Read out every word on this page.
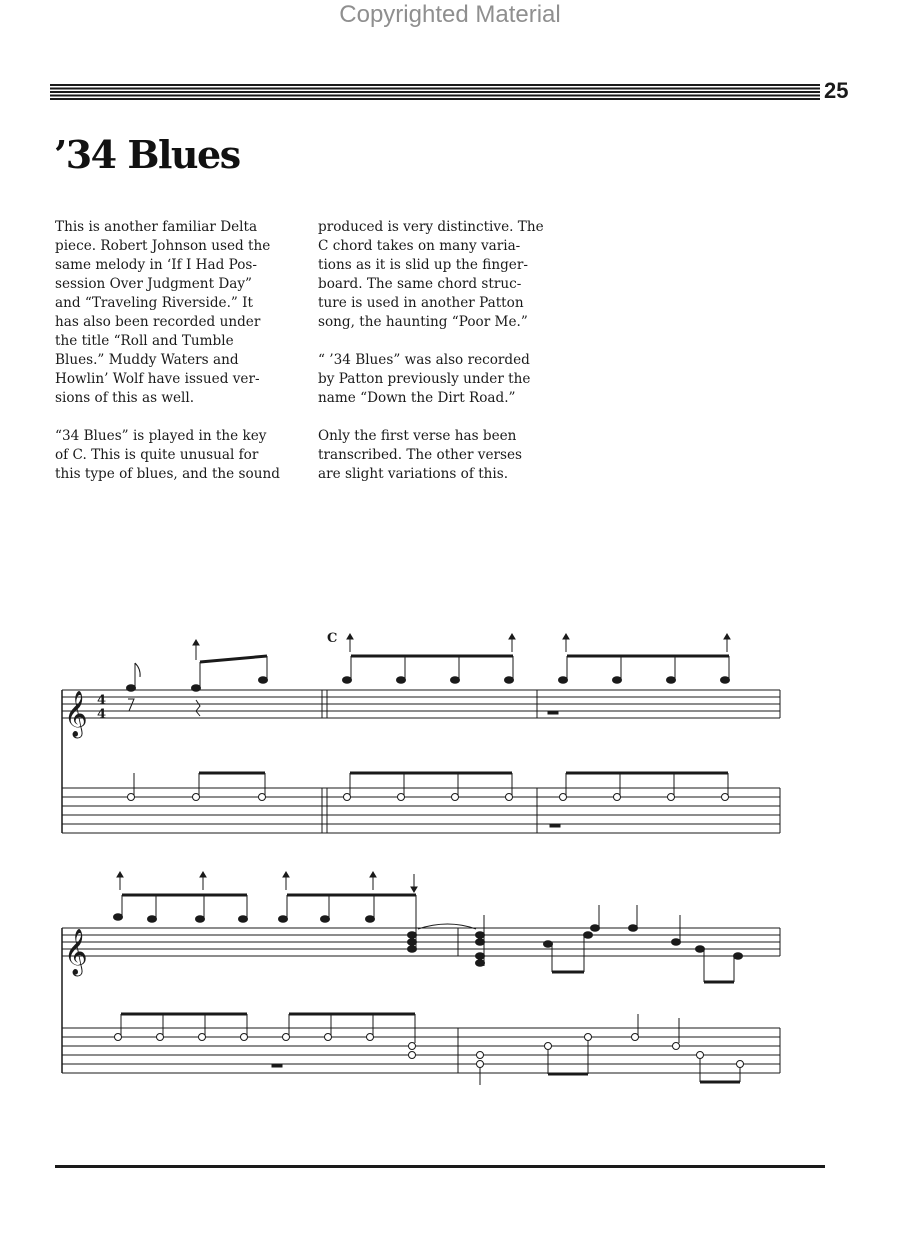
Copyrighted Material
25
’34 Blues

This is another familiar Delta
piece. Robert Johnson used the
same melody in ‘If I Had Pos-
session Over Judgment Day”
and “Traveling Riverside.” It
has also been recorded under
the title “Roll and Tumble
Blues.” Muddy Waters and
Howlin’ Wolf have issued ver-
sions of this as well.

“34 Blues” is played in the key
of C. This is quite unusual for
this type of blues, and the sound

produced is very distinctive. The
C chord takes on many varia-
tions as it is slid up the finger-
board. The same chord struc-
ture is used in another Patton
song, the haunting “Poor Me.”

“ ’34 Blues” was also recorded
by Patton previously under the
name “Down the Dirt Road.”

Only the first verse has been
transcribed. The other verses
are slight variations of this.

𝄞 4
4
C
𝄞
